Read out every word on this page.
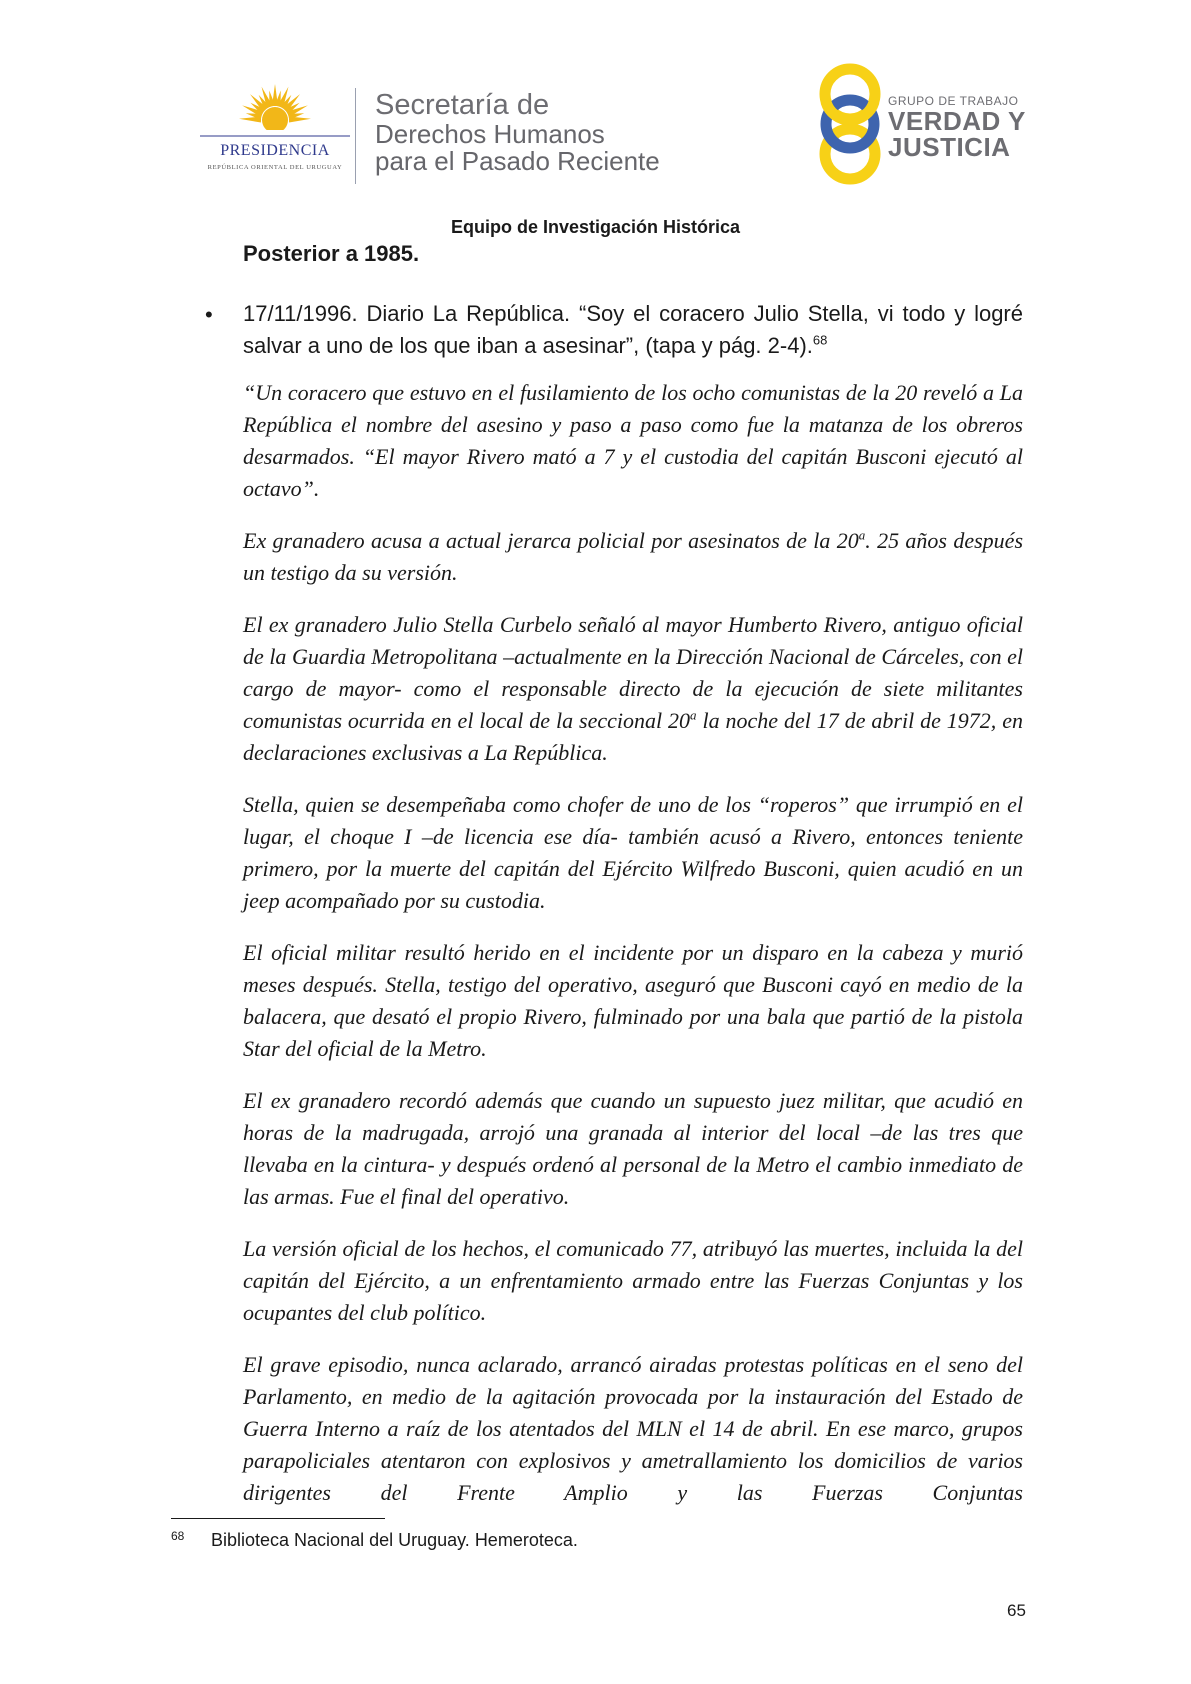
PRESIDENCIA
REPÚBLICA ORIENTAL DEL URUGUAY
Secretaría de
Derechos Humanos
para el Pasado Reciente
GRUPO DE TRABAJO
VERDAD Y
JUSTICIA
Equipo de Investigación Histórica
Posterior a 1985.
• 17/11/1996. Diario La República. “Soy el coracero Julio Stella, vi todo y logré salvar a uno de los que iban a asesinar”, (tapa y pág. 2-4).$^{68}$

“Un coracero que estuvo en el fusilamiento de los ocho comunistas de la 20 reveló a La República el nombre del asesino y paso a paso como fue la matanza de los obreros desarmados. “El mayor Rivero mató a 7 y el custodia del capitán Busconi ejecutó al octavo”.

Ex granadero acusa a actual jerarca policial por asesinatos de la 20$^a$. 25 años después un testigo da su versión.

El ex granadero Julio Stella Curbelo señaló al mayor Humberto Rivero, antiguo oficial de la Guardia Metropolitana –actualmente en la Dirección Nacional de Cárceles, con el cargo de mayor- como el responsable directo de la ejecución de siete militantes comunistas ocurrida en el local de la seccional 20$^a$ la noche del 17 de abril de 1972, en declaraciones exclusivas a La República.

Stella, quien se desempeñaba como chofer de uno de los “roperos” que irrumpió en el lugar, el choque I –de licencia ese día- también acusó a Rivero, entonces teniente primero, por la muerte del capitán del Ejército Wilfredo Busconi, quien acudió en un jeep acompañado por su custodia.

El oficial militar resultó herido en el incidente por un disparo en la cabeza y murió meses después. Stella, testigo del operativo, aseguró que Busconi cayó en medio de la balacera, que desató el propio Rivero, fulminado por una bala que partió de la pistola Star del oficial de la Metro.

El ex granadero recordó además que cuando un supuesto juez militar, que acudió en horas de la madrugada, arrojó una granada al interior del local –de las tres que llevaba en la cintura- y después ordenó al personal de la Metro el cambio inmediato de las armas. Fue el final del operativo.

La versión oficial de los hechos, el comunicado 77, atribuyó las muertes, incluida la del capitán del Ejército, a un enfrentamiento armado entre las Fuerzas Conjuntas y los ocupantes del club político.

El grave episodio, nunca aclarado, arrancó airadas protestas políticas en el seno del Parlamento, en medio de la agitación provocada por la instauración del Estado de Guerra Interno a raíz de los atentados del MLN el 14 de abril. En ese marco, grupos parapoliciales atentaron con explosivos y ametrallamiento los domicilios de varios dirigentes del Frente Amplio y las Fuerzas Conjuntas

68 Biblioteca Nacional del Uruguay. Hemeroteca.
65
